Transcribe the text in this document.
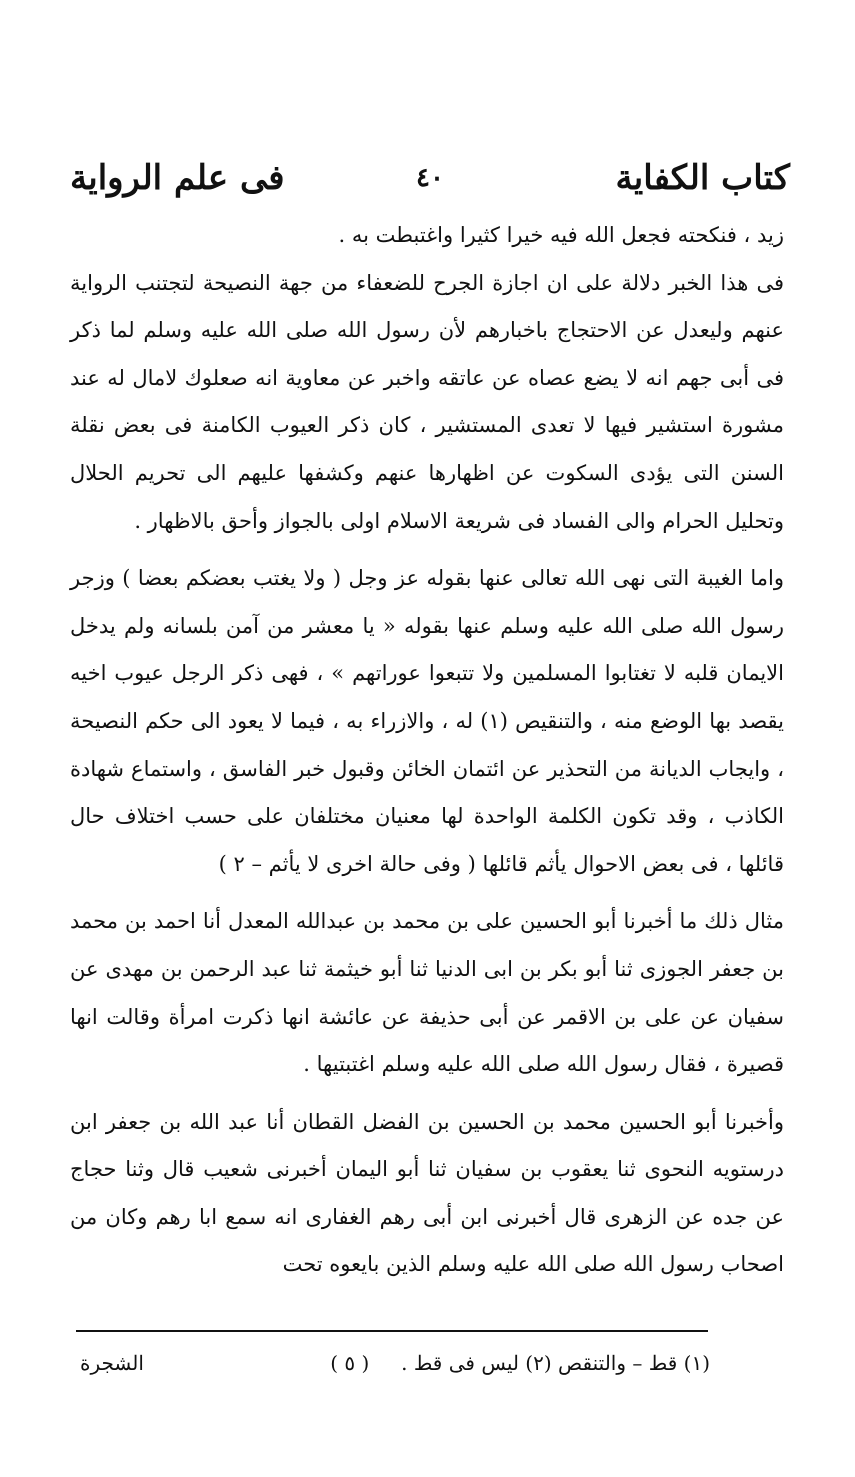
كتاب الكفاية
٤٠
فى علم الرواية

زيد ، فنكحته فجعل الله فيه خيرا كثيرا واغتبطت به .

فى هذا الخبر دلالة على ان اجازة الجرح للضعفاء من جهة النصيحة لتجتنب الرواية عنهم وليعدل عن الاحتجاج باخبارهم لأن رسول الله صلى الله عليه وسلم لما ذكر فى أبى جهم انه لا يضع عصاه عن عاتقه واخبر عن معاوية انه صعلوك لامال له عند مشورة استشير فيها لا تعدى المستشير ، كان ذكر العيوب الكامنة فى بعض نقلة السنن التى يؤدى السكوت عن اظهارها عنهم وكشفها عليهم الى تحريم الحلال وتحليل الحرام والى الفساد فى شريعة الاسلام اولى بالجواز وأحق بالاظهار .

واما الغيبة التى نهى الله تعالى عنها بقوله عز وجل ( ولا يغتب بعضكم بعضا ) وزجر رسول الله صلى الله عليه وسلم عنها بقوله « يا معشر من آمن بلسانه ولم يدخل الايمان قلبه لا تغتابوا المسلمين ولا تتبعوا عوراتهم » ، فهى ذكر الرجل عيوب اخيه يقصد بها الوضع منه ، والتنقيص (١) له ، والازراء به ، فيما لا يعود الى حكم النصيحة ، وايجاب الديانة من التحذير عن ائتمان الخائن وقبول خبر الفاسق ، واستماع شهادة الكاذب ، وقد تكون الكلمة الواحدة لها معنيان مختلفان على حسب اختلاف حال قائلها ، فى بعض الاحوال يأثم قائلها ( وفى حالة اخرى لا يأثم – ٢ )

مثال ذلك ما أخبرنا أبو الحسين على بن محمد بن عبدالله المعدل أنا احمد بن محمد بن جعفر الجوزى ثنا أبو بكر بن ابى الدنيا ثنا أبو خيثمة ثنا عبد الرحمن بن مهدى عن سفيان عن على بن الاقمر عن أبى حذيفة عن عائشة انها ذكرت امرأة وقالت انها قصيرة ، فقال رسول الله صلى الله عليه وسلم اغتبتيها .

وأخبرنا أبو الحسين محمد بن الحسين بن الفضل القطان أنا عبد الله بن جعفر ابن درستويه النحوى ثنا يعقوب بن سفيان ثنا أبو اليمان أخبرنى شعيب قال وثنا حجاج عن جده عن الزهرى قال أخبرنى ابن أبى رهم الغفارى انه سمع ابا رهم وكان من اصحاب رسول الله صلى الله عليه وسلم الذين بايعوه تحت

(١) قط – والتنقص (٢) ليس فى قط .     ( ٥ )
الشجرة
